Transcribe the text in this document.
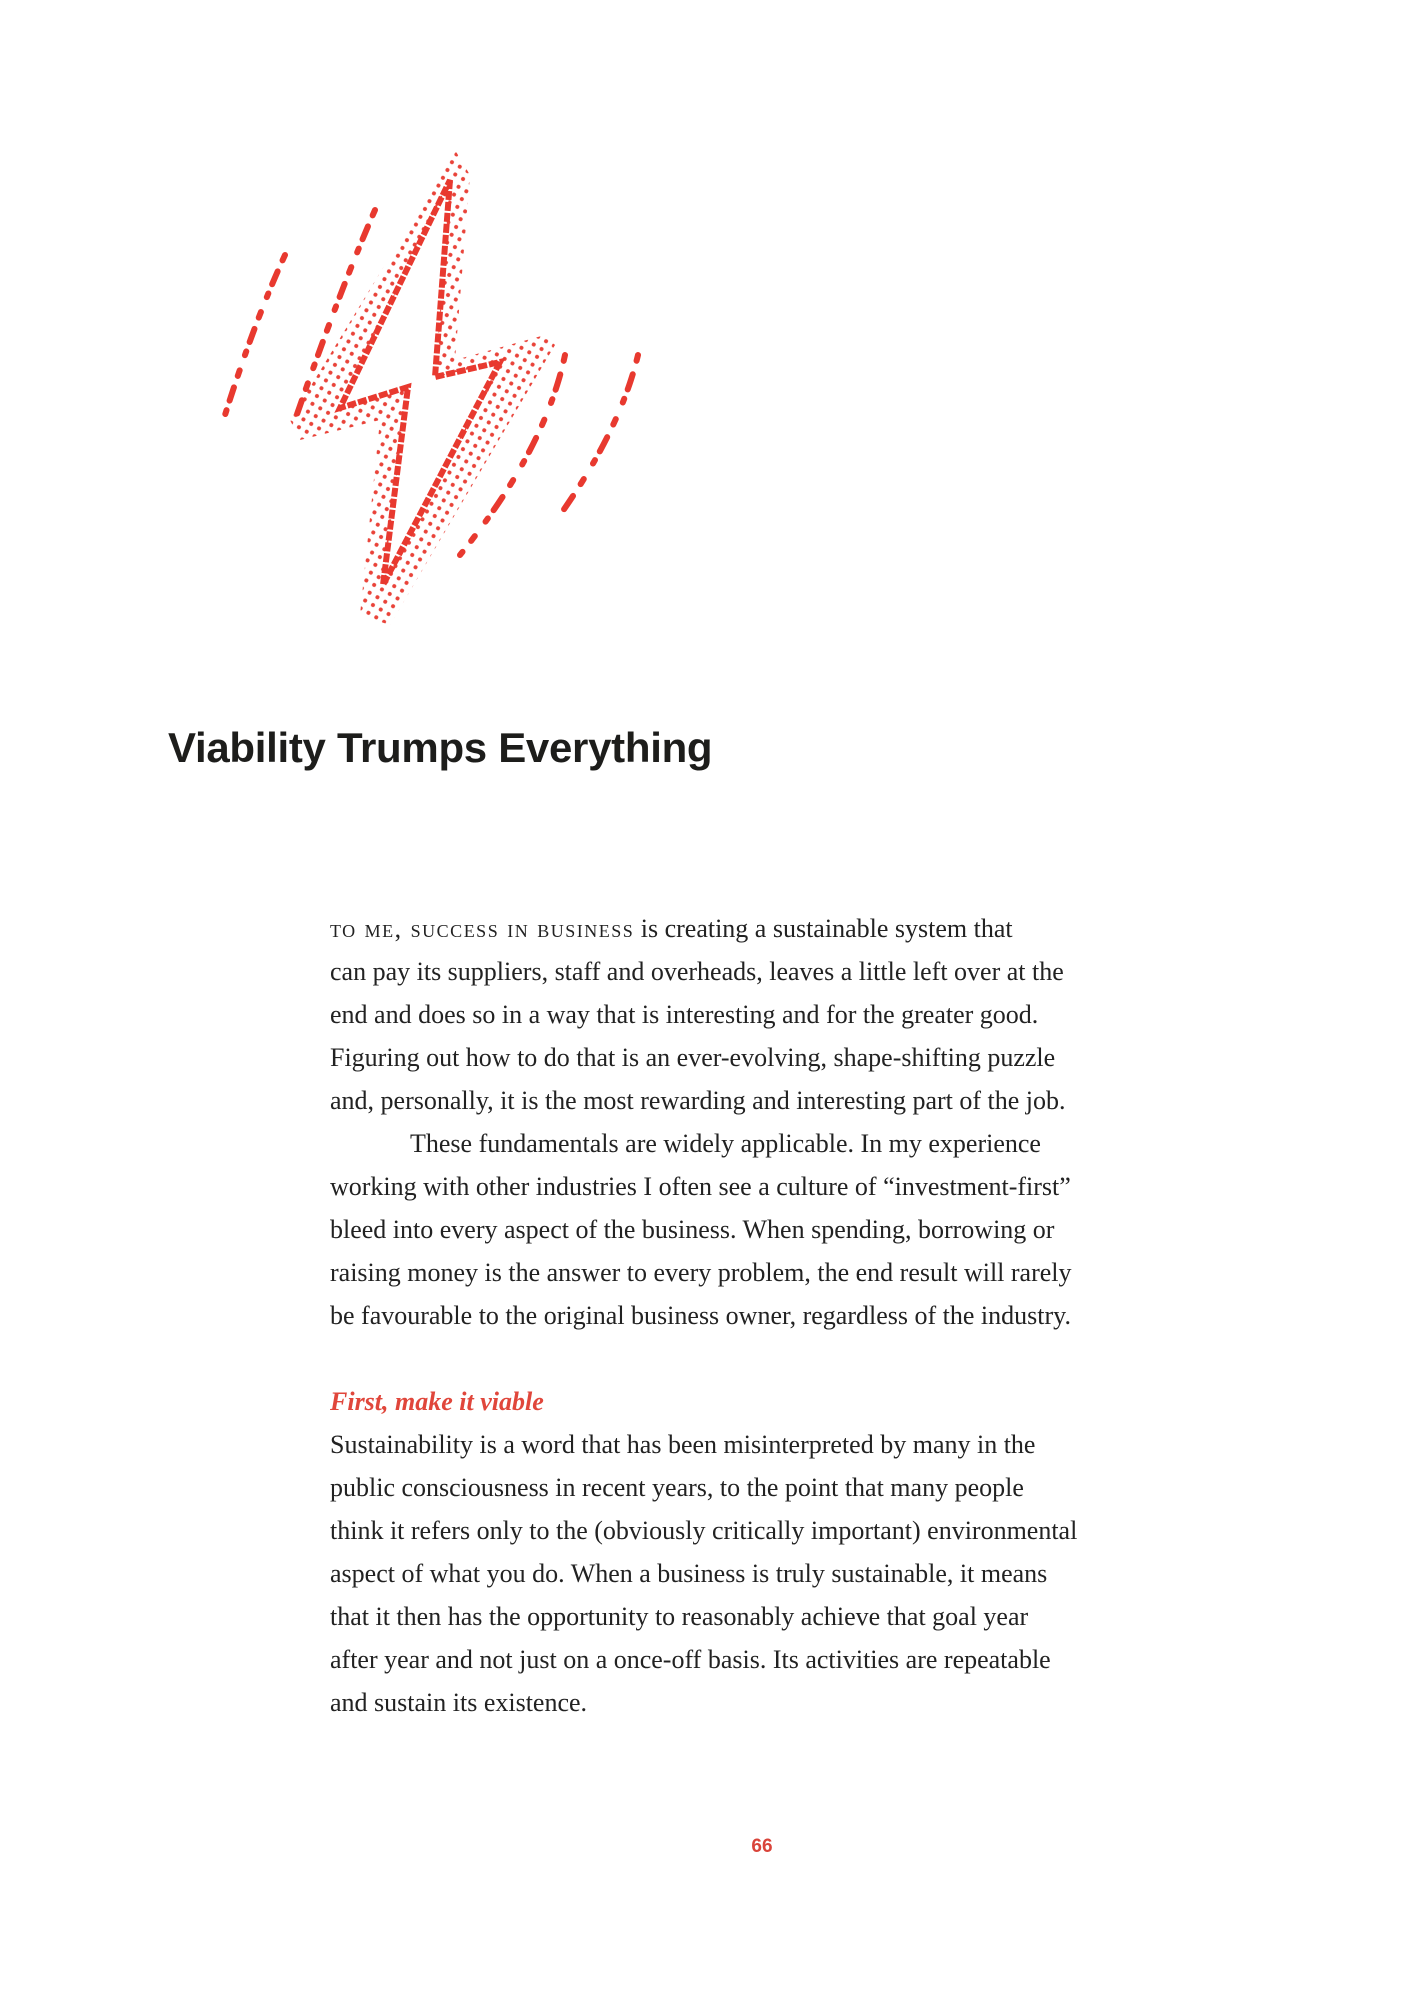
Viability Trumps Everything

to me, success in business is creating a sustainable system that
can pay its suppliers, staff and overheads, leaves a little left over at the
end and does so in a way that is interesting and for the greater good.
Figuring out how to do that is an ever-evolving, shape-shifting puzzle
and, personally, it is the most rewarding and interesting part of the job.

These fundamentals are widely applicable. In my experience
working with other industries I often see a culture of “investment-first”
bleed into every aspect of the business. When spending, borrowing or
raising money is the answer to every problem, the end result will rarely
be favourable to the original business owner, regardless of the industry.

First, make it viable

Sustainability is a word that has been misinterpreted by many in the
public consciousness in recent years, to the point that many people
think it refers only to the (obviously critically important) environmental
aspect of what you do. When a business is truly sustainable, it means
that it then has the opportunity to reasonably achieve that goal year
after year and not just on a once-off basis. Its activities are repeatable
and sustain its existence.

66
